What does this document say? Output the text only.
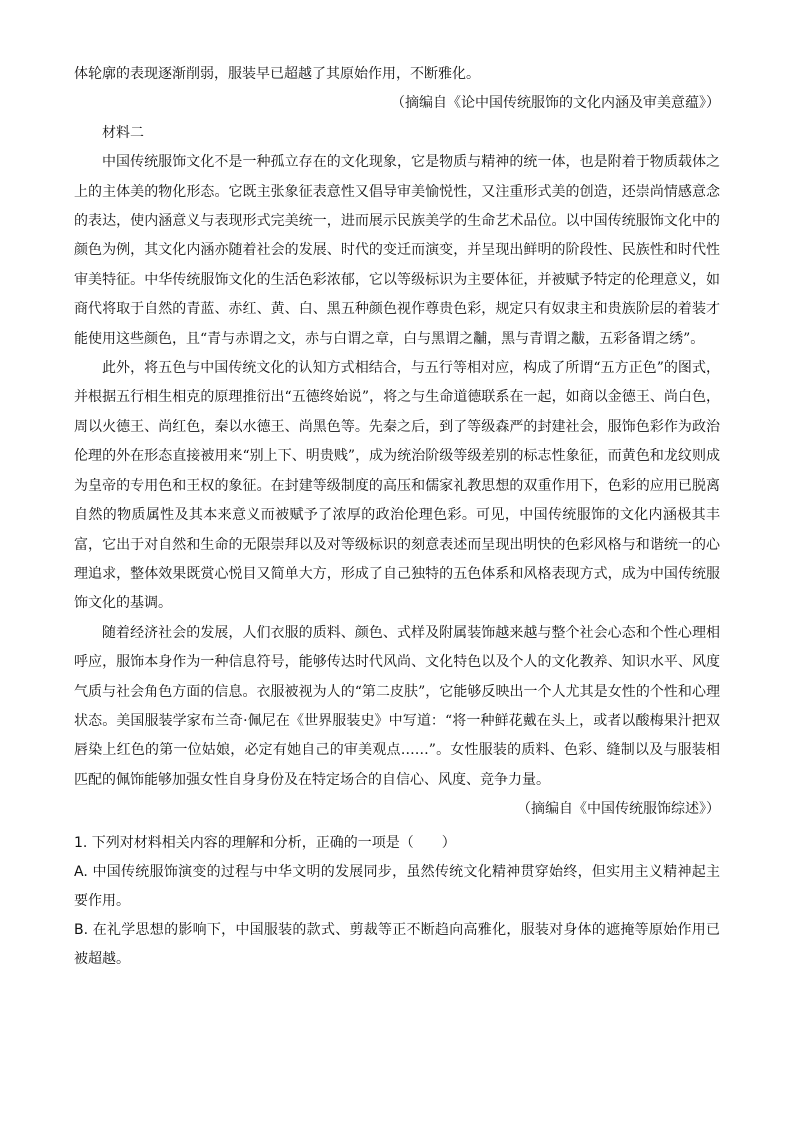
体轮廓的表现逐渐削弱，服装早已超越了其原始作用，不断雅化。

（摘编自《论中国传统服饰的文化内涵及审美意蕴》）

材料二

中国传统服饰文化不是一种孤立存在的文化现象，它是物质与精神的统一体，也是附着于物质载体之上的主体美的物化形态。它既主张象征表意性又倡导审美愉悦性，又注重形式美的创造，还崇尚情感意念的表达，使内涵意义与表现形式完美统一，进而展示民族美学的生命艺术品位。以中国传统服饰文化中的颜色为例，其文化内涵亦随着社会的发展、时代的变迁而演变，并呈现出鲜明的阶段性、民族性和时代性审美特征。中华传统服饰文化的生活色彩浓郁，它以等级标识为主要体征，并被赋予特定的伦理意义，如商代将取于自然的青蓝、赤红、黄、白、黑五种颜色视作尊贵色彩，规定只有奴隶主和贵族阶层的着装才能使用这些颜色，且“青与赤谓之文，赤与白谓之章，白与黑谓之黼，黑与青谓之黻，五彩备谓之绣”。

此外，将五色与中国传统文化的认知方式相结合，与五行等相对应，构成了所谓“五方正色”的图式，并根据五行相生相克的原理推衍出“五德终始说”，将之与生命道德联系在一起，如商以金德王、尚白色，周以火德王、尚红色，秦以水德王、尚黑色等。先秦之后，到了等级森严的封建社会，服饰色彩作为政治伦理的外在形态直接被用来“别上下、明贵贱”，成为统治阶级等级差别的标志性象征，而黄色和龙纹则成为皇帝的专用色和王权的象征。在封建等级制度的高压和儒家礼教思想的双重作用下，色彩的应用已脱离自然的物质属性及其本来意义而被赋予了浓厚的政治伦理色彩。可见，中国传统服饰的文化内涵极其丰富，它出于对自然和生命的无限崇拜以及对等级标识的刻意表述而呈现出明快的色彩风格与和谐统一的心理追求，整体效果既赏心悦目又简单大方，形成了自己独特的五色体系和风格表现方式，成为中国传统服饰文化的基调。

随着经济社会的发展，人们衣服的质料、颜色、式样及附属装饰越来越与整个社会心态和个性心理相呼应，服饰本身作为一种信息符号，能够传达时代风尚、文化特色以及个人的文化教养、知识水平、风度气质与社会角色方面的信息。衣服被视为人的“第二皮肤”，它能够反映出一个人尤其是女性的个性和心理状态。美国服装学家布兰奇·佩尼在《世界服装史》中写道：“将一种鲜花戴在头上，或者以酸梅果汁把双唇染上红色的第一位姑娘，必定有她自己的审美观点……”。女性服装的质料、色彩、缝制以及与服装相匹配的佩饰能够加强女性自身身份及在特定场合的自信心、风度、竞争力量。

（摘编自《中国传统服饰综述》）

1. 下列对材料相关内容的理解和分析，正确的一项是（　　）

A. 中国传统服饰演变的过程与中华文明的发展同步，虽然传统文化精神贯穿始终，但实用主义精神起主要作用。

B. 在礼学思想的影响下，中国服装的款式、剪裁等正不断趋向高雅化，服装对身体的遮掩等原始作用已被超越。
